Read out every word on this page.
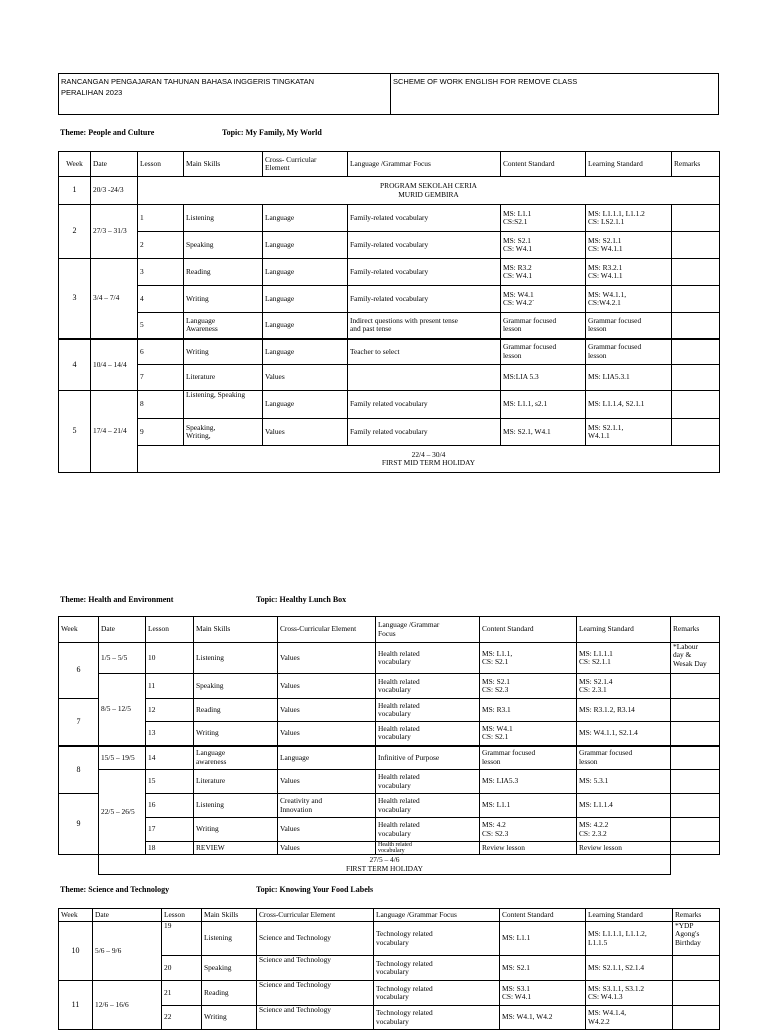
RANCANGAN PENGAJARAN TAHUNAN BAHASA INGGERIS TINGKATAN
PERALIHAN 2023
SCHEME OF WORK ENGLISH FOR REMOVE CLASS
Theme: People and Culture	Topic: My Family, My World
Week	Date	Lesson	Main Skills	Cross- Curricular
Element	Language /Grammar Focus	Content Standard	Learning Standard	Remarks
1	20/3 -24/3	PROGRAM SEKOLAH CERIA
MURID GEMBIRA						
2	27/3 – 31/3	1	Listening	Language	Family-related vocabulary	MS: L1.1
CS:S2.1	MS: L1.1.1, L1.1.2
CS: LS2.1.1	
		2	Speaking	Language	Family-related vocabulary	MS: S2.1
CS: W4.1	MS: S2.1.1
CS: W4.1.1	
3	3/4 – 7/4	3	Reading	Language	Family-related vocabulary	MS: R3.2
CS: W4.1	MS: R3.2.1
CS: W4.1.1	
		4	Writing	Language	Family-related vocabulary	MS: W4.1
CS: W4.2`	MS: W4.1.1,
CS:W4.2.1	
		5	Language
Awareness	Language	Indirect questions with present tense
and past tense	Grammar focused
lesson	Grammar focused
lesson	
4	10/4 – 14/4	6	Writing	Language	Teacher to select	Grammar focused
lesson	Grammar focused
lesson	
		7	Literature	Values		MS:LIA 5.3	MS: LIA5.3.1	
5	17/4 – 21/4	8	Listening, Speaking	Language	Family related vocabulary	MS: L1.1, s2.1	MS: L1.1.4, S2.1.1	
		9	Speaking,
Writing,	Values	Family related vocabulary	MS: S2.1, W4.1	MS: S2.1.1,
W4.1.1	
		22/4 – 30/4
FIRST MID TERM HOLIDAY						
Theme: Health and Environment	Topic: Healthy Lunch Box
Week	Date	Lesson	Main Skills	Cross-Curricular Element	Language /Grammar
Focus	Content Standard	Learning Standard	Remarks
6	1/5 – 5/5	10	Listening	Values	Health related
vocabulary	MS: L1.1,
CS: S2.1	MS: L1.1.1
CS: S2.1.1	*Labour
day &
Wesak Day
	8/5 – 12/5	11	Speaking	Values	Health related
vocabulary	MS: S2.1
CS: S2.3	MS: S2.1.4
CS: 2.3.1	
7		12	Reading	Values	Health related
vocabulary	MS: R3.1	MS: R3.1.2, R3.14	
		13	Writing	Values	Health related
vocabulary	MS: W4.1
CS: S2.1	MS: W4.1.1, S2.1.4	
8	15/5 – 19/5	14	Language
awareness	Language	Infinitive of Purpose	Grammar focused
lesson	Grammar focused
lesson	
	22/5 – 26/5	15	Literature	Values	Health related
vocabulary	MS: LIA5.3	MS: 5.3.1	
9		16	Listening	Creativity and
Innovation	Health related
vocabulary	MS: L1.1	MS: L1.1.4	
		17	Writing	Values	Health related
vocabulary	MS: 4.2
CS: S2.3	MS: 4.2.2
CS: 2.3.2	
		18	REVIEW	Values	Health related
vocabulary	Review lesson	Review lesson	
	27/5 – 4/6
FIRST TERM HOLIDAY							
Theme: Science and Technology	Topic: Knowing Your Food Labels
Week	Date	Lesson	Main Skills	Cross-Curricular Element	Language /Grammar Focus	Content Standard	Learning Standard	Remarks
10	5/6 – 9/6	19	Listening	Science and Technology	Technology related
vocabulary	MS: L1.1	MS: L1.1.1, L1.1.2,
L1.1.5	*YDP
Agong's
Birthday
		20	Speaking	Science and Technology	Technology related
vocabulary	MS: S2.1	MS: S2.1.1, S2.1.4	
11	12/6 – 16/6	21	Reading	Science and Technology	Technology related
vocabulary	MS: S3.1
CS: W4.1	MS: S3.1.1, S3.1.2
CS: W4.1.3	
		22	Writing	Science and Technology	Technology related
vocabulary	MS: W4.1, W4.2	MS: W4.1.4,
W4.2.2	
